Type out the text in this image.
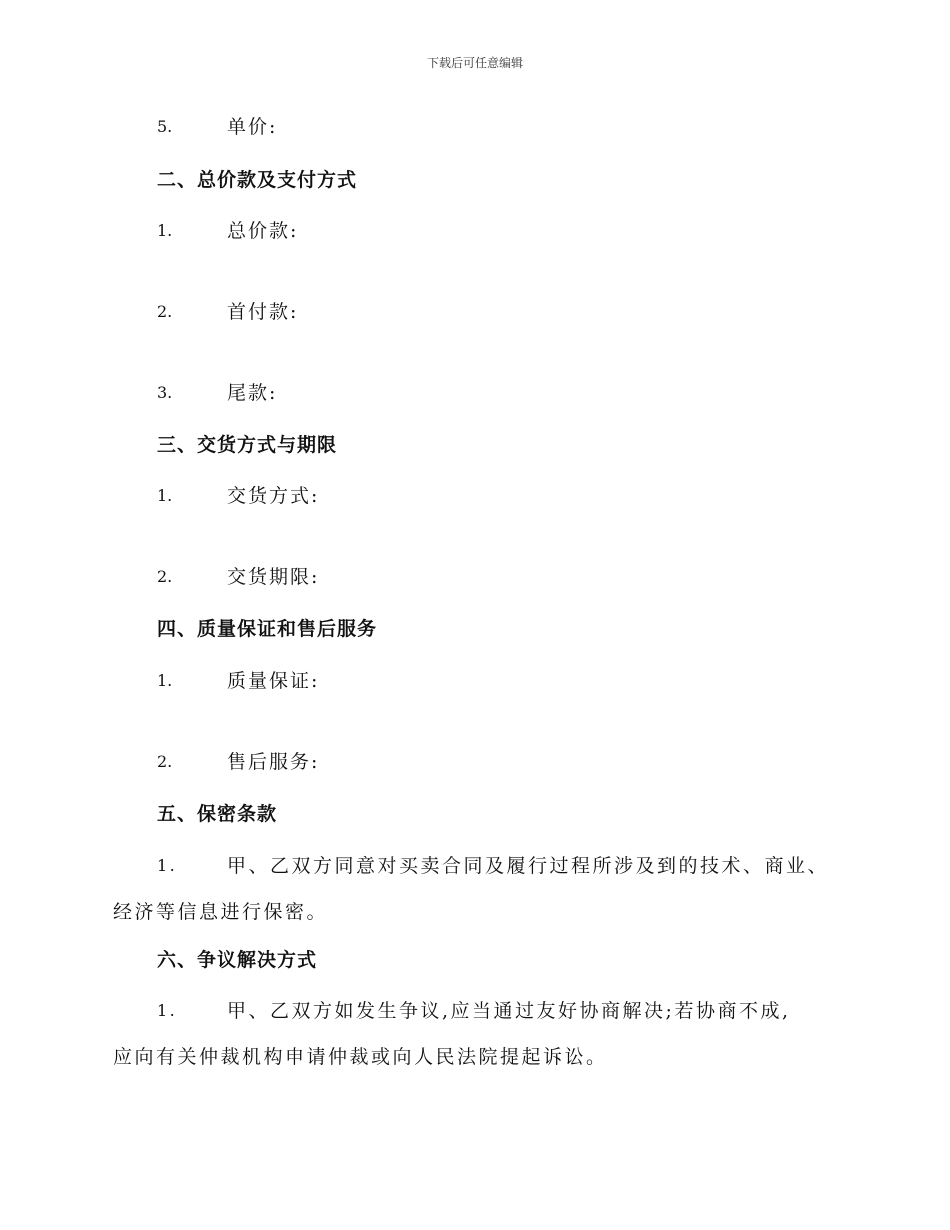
下载后可任意编辑
5.	单价:
二、总价款及支付方式
1.	总价款:
2.	首付款:
3.	尾款:
三、交货方式与期限
1.	交货方式:
2.	交货期限:
四、质量保证和售后服务
1.	质量保证:
2.	售后服务:
五、保密条款
1.	甲、乙双方同意对买卖合同及履行过程所涉及到的技术、商业、
经济等信息进行保密。
六、争议解决方式
1.	甲、乙双方如发生争议,应当通过友好协商解决;若协商不成,
应向有关仲裁机构申请仲裁或向人民法院提起诉讼。
